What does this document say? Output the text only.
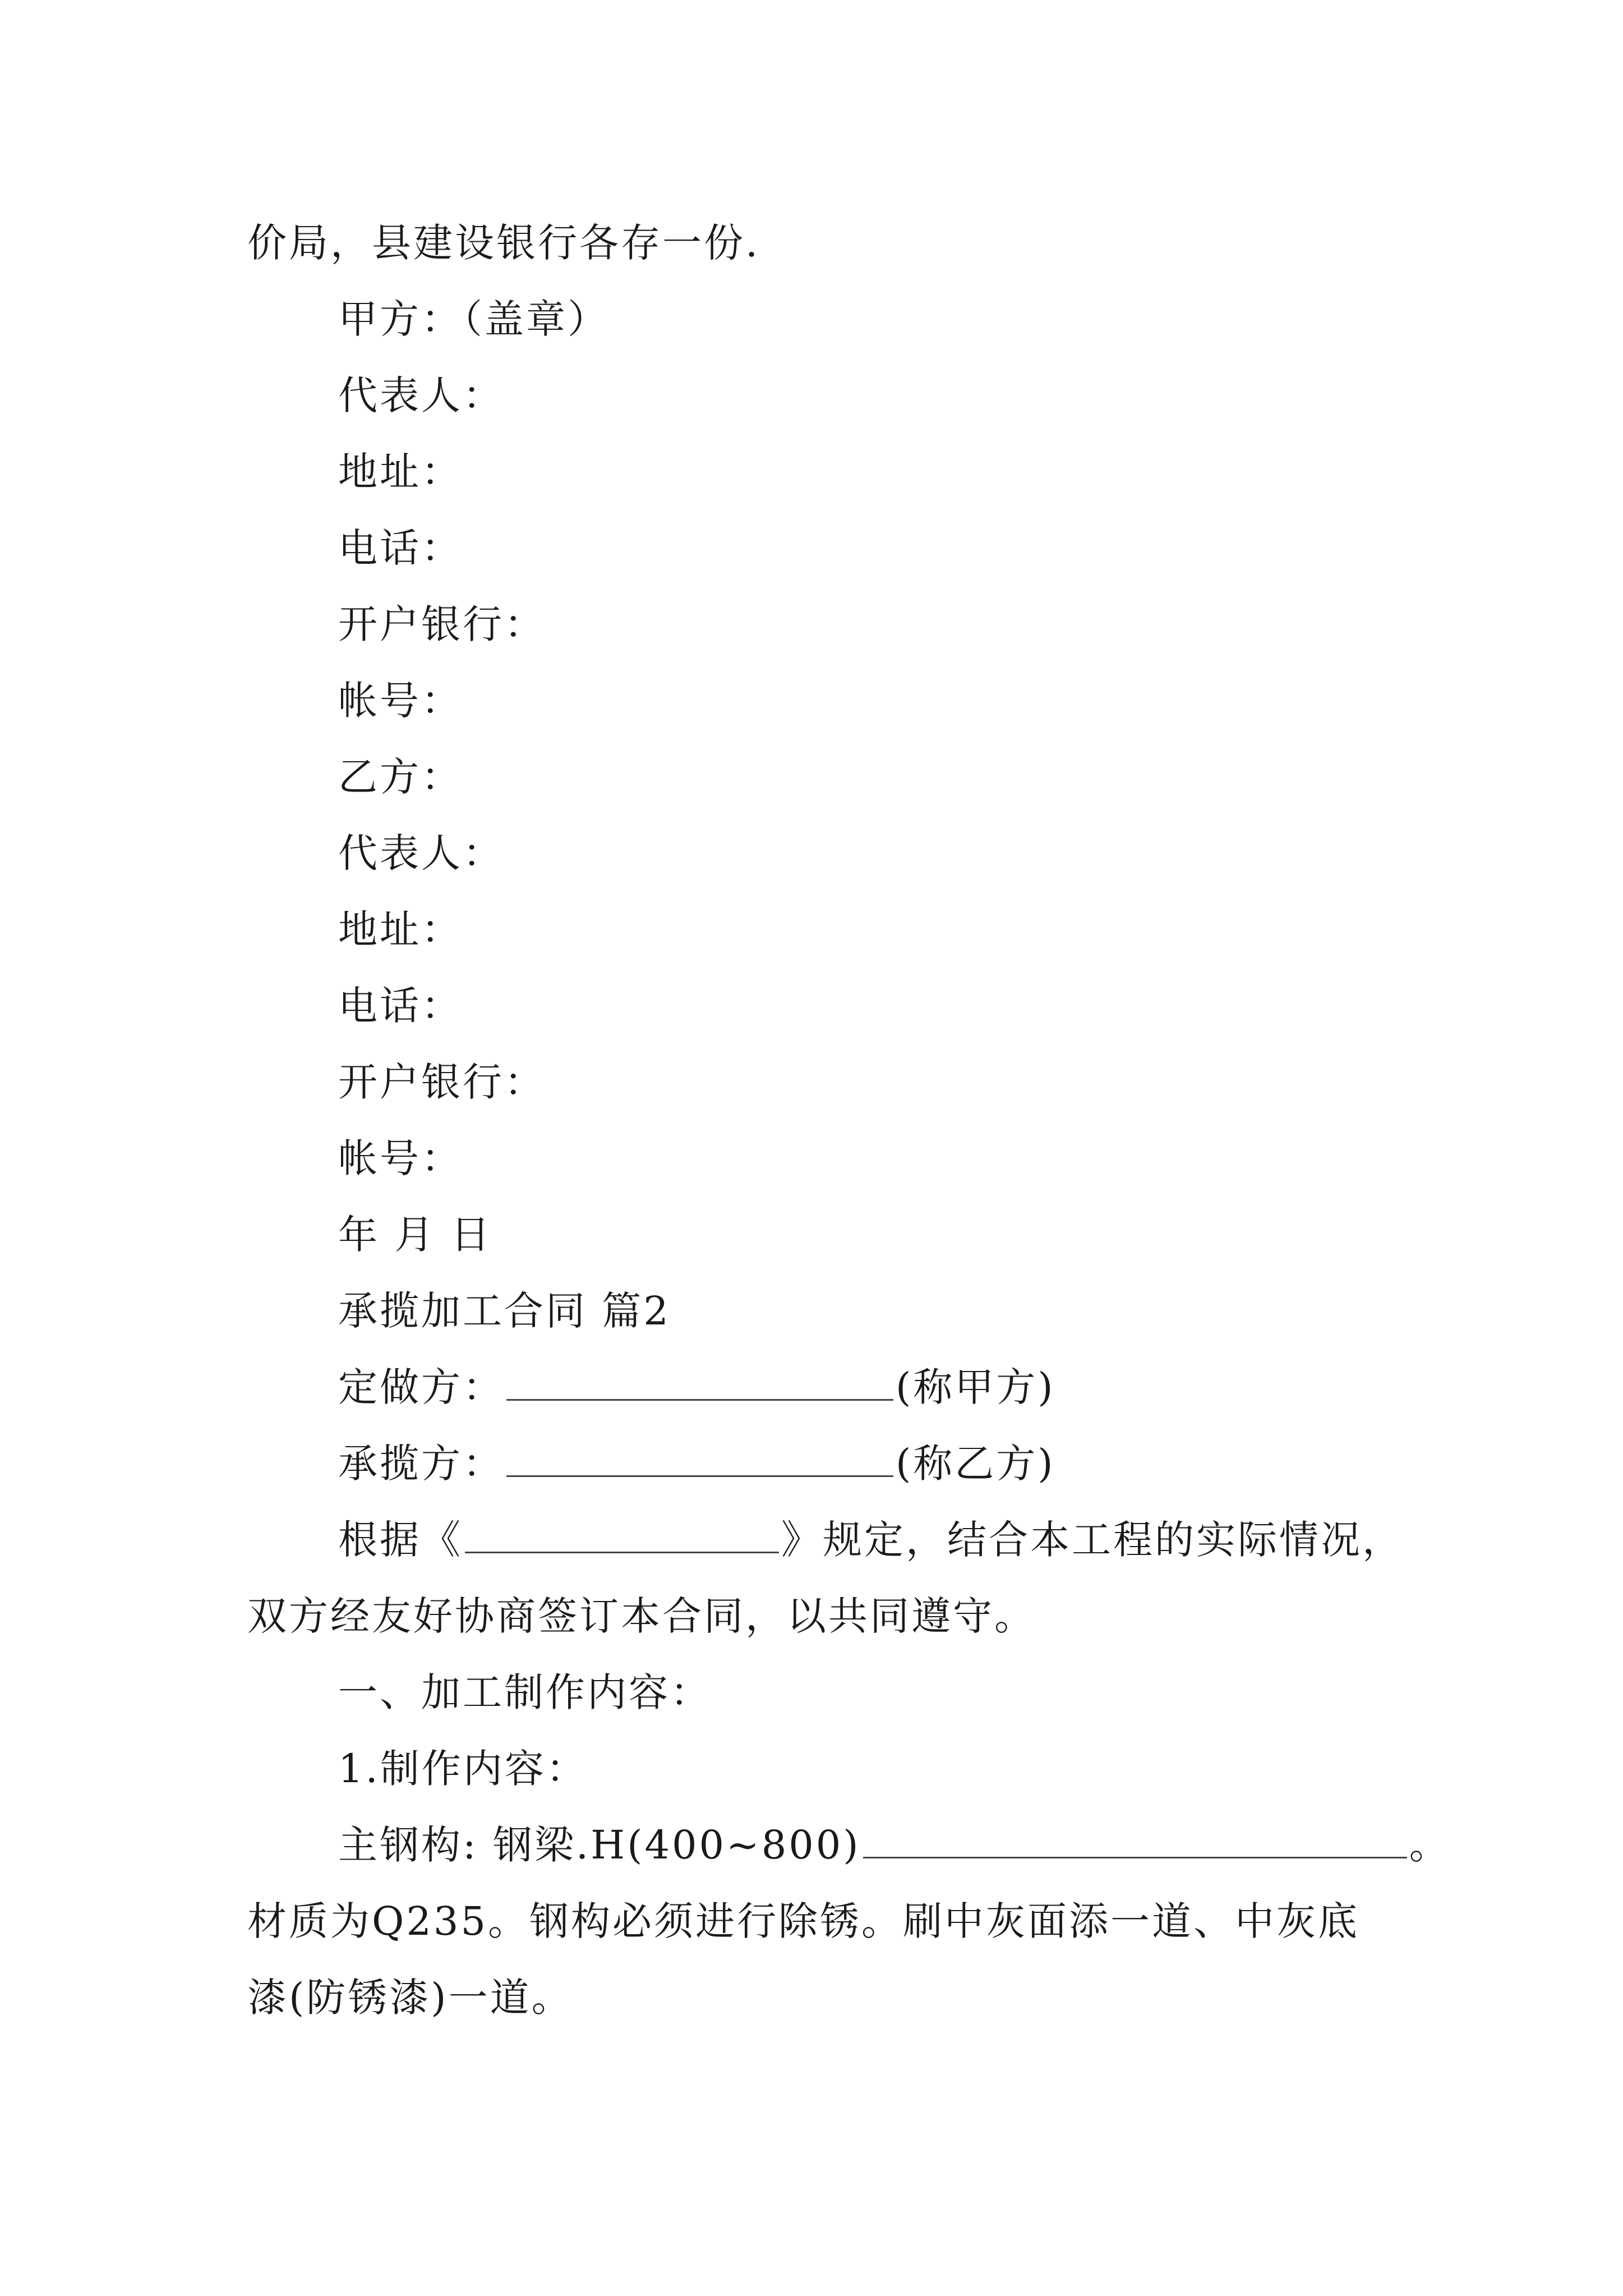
价局，县建设银行各存一份.
甲方：（盖章）
代表人：
地址：
电话：
开户银行：
帐号：
乙方：
代表人：
地址：
电话：
开户银行：
帐号：
年 月 日
承揽加工合同 篇2
定做方：	(称甲方)
承揽方：	(称乙方)
根据《	》规定，结合本工程的实际情况，
双方经友好协商签订本合同，以共同遵守。
一、加工制作内容：
1.制作内容：
主钢构: 钢梁.H(400~800)	。
材质为Q235。钢构必须进行除锈。刷中灰面添一道、中灰底
漆(防锈漆)一道。
